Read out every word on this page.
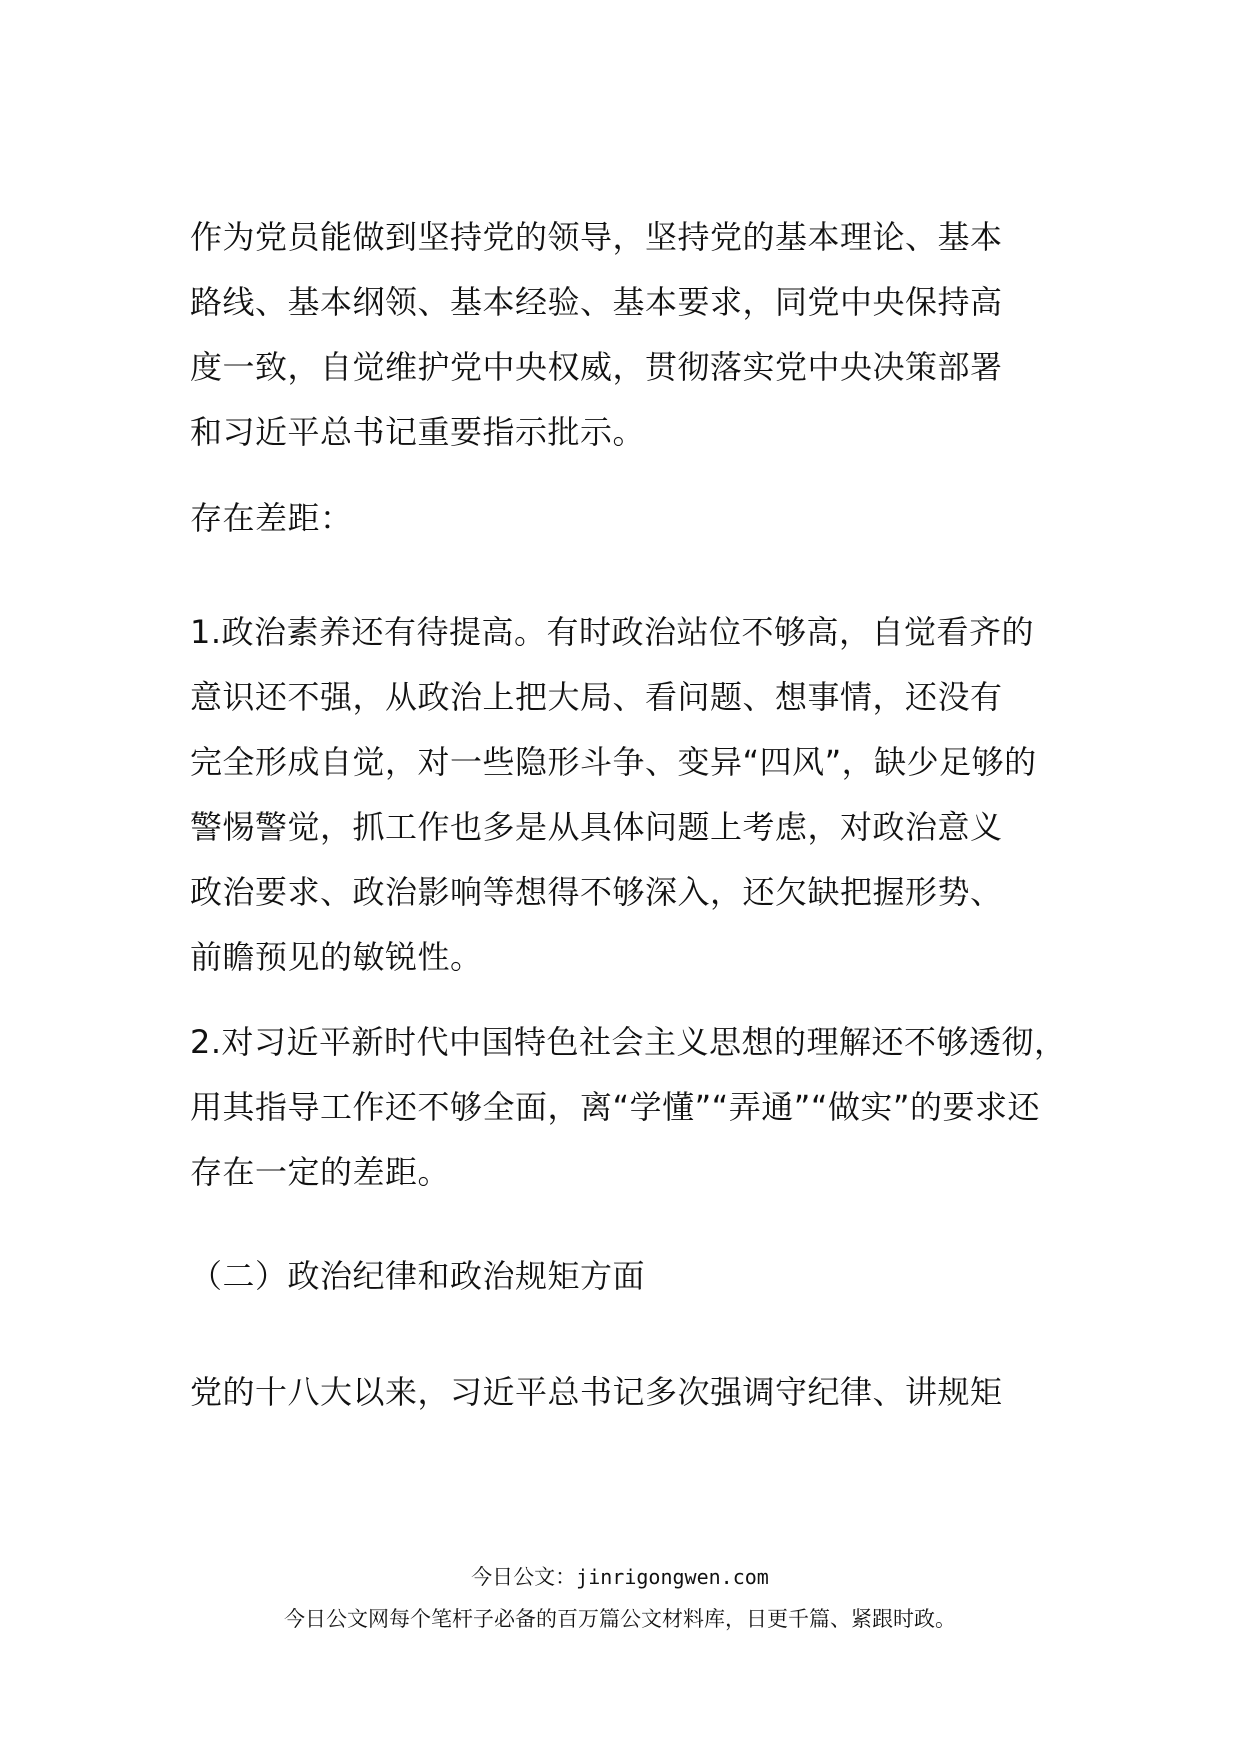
作为党员能做到坚持党的领导，坚持党的基本理论、基本
路线、基本纲领、基本经验、基本要求，同党中央保持高
度一致，自觉维护党中央权威，贯彻落实党中央决策部署
和习近平总书记重要指示批示。

存在差距：

1.政治素养还有待提高。有时政治站位不够高，自觉看齐的
意识还不强，从政治上把大局、看问题、想事情，还没有
完全形成自觉，对一些隐形斗争、变异“四风”，缺少足够的
警惕警觉，抓工作也多是从具体问题上考虑，对政治意义
政治要求、政治影响等想得不够深入，还欠缺把握形势、
前瞻预见的敏锐性。

2.对习近平新时代中国特色社会主义思想的理解还不够透彻，
用其指导工作还不够全面，离“学懂”“弄通”“做实”的要求还
存在一定的差距。

（二）政治纪律和政治规矩方面

党的十八大以来，习近平总书记多次强调守纪律、讲规矩

今日公文：jinrigongwen.com
今日公文网每个笔杆子必备的百万篇公文材料库，日更千篇、紧跟时政。
